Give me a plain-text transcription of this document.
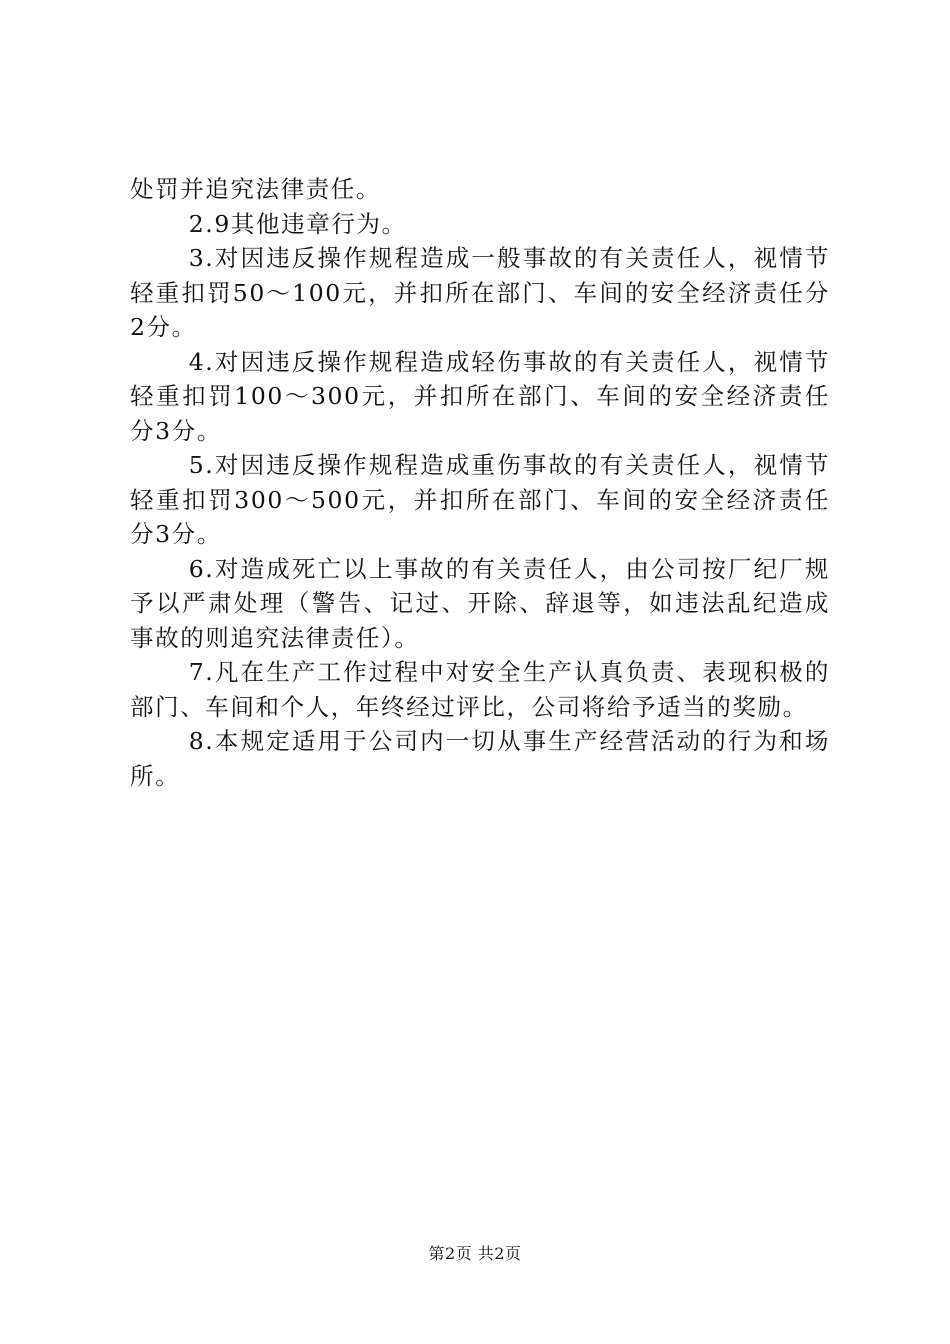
处罚并追究法律责任。

2.9其他违章行为。

3.对因违反操作规程造成一般事故的有关责任人，视情节轻重扣罚50～100元，并扣所在部门、车间的安全经济责任分2分。

4.对因违反操作规程造成轻伤事故的有关责任人，视情节轻重扣罚100～300元，并扣所在部门、车间的安全经济责任分3分。

5.对因违反操作规程造成重伤事故的有关责任人，视情节轻重扣罚300～500元，并扣所在部门、车间的安全经济责任分3分。

6.对造成死亡以上事故的有关责任人，由公司按厂纪厂规予以严肃处理（警告、记过、开除、辞退等，如违法乱纪造成事故的则追究法律责任）。

7.凡在生产工作过程中对安全生产认真负责、表现积极的部门、车间和个人，年终经过评比，公司将给予适当的奖励。

8.本规定适用于公司内一切从事生产经营活动的行为和场所。

第2页 共2页
